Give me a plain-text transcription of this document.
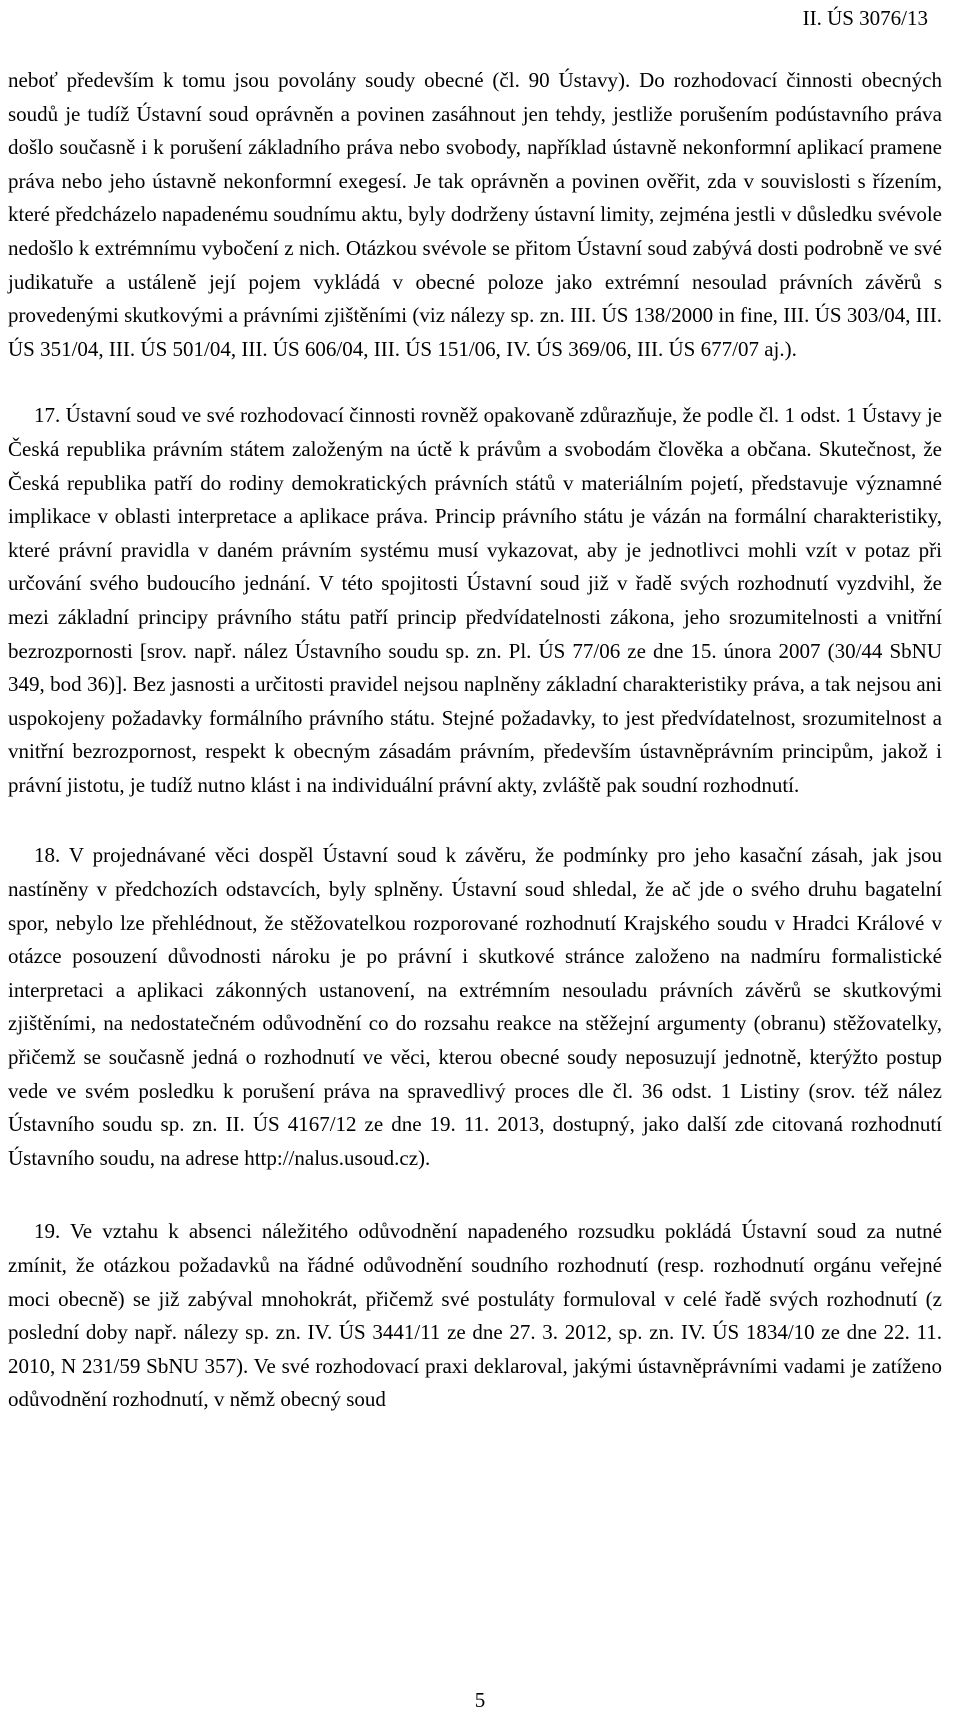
II. ÚS 3076/13

neboť především k tomu jsou povolány soudy obecné (čl. 90 Ústavy). Do rozhodovací činnosti obecných soudů je tudíž Ústavní soud oprávněn a povinen zasáhnout jen tehdy, jestliže porušením podústavního práva došlo současně i k porušení základního práva nebo svobody, například ústavně nekonformní aplikací pramene práva nebo jeho ústavně nekonformní exegesí. Je tak oprávněn a povinen ověřit, zda v souvislosti s řízením, které předcházelo napadenému soudnímu aktu, byly dodrženy ústavní limity, zejména jestli v důsledku svévole nedošlo k extrémnímu vybočení z nich. Otázkou svévole se přitom Ústavní soud zabývá dosti podrobně ve své judikatuře a ustáleně její pojem vykládá v obecné poloze jako extrémní nesoulad právních závěrů s provedenými skutkovými a právními zjištěními (viz nálezy sp. zn. III. ÚS 138/2000 in fine, III. ÚS 303/04, III. ÚS 351/04, III. ÚS 501/04, III. ÚS 606/04, III. ÚS 151/06, IV. ÚS 369/06, III. ÚS 677/07 aj.).

17. Ústavní soud ve své rozhodovací činnosti rovněž opakovaně zdůrazňuje, že podle čl. 1 odst. 1 Ústavy je Česká republika právním státem založeným na úctě k právům a svobodám člověka a občana. Skutečnost, že Česká republika patří do rodiny demokratických právních států v materiálním pojetí, představuje významné implikace v oblasti interpretace a aplikace práva. Princip právního státu je vázán na formální charakteristiky, které právní pravidla v daném právním systému musí vykazovat, aby je jednotlivci mohli vzít v potaz při určování svého budoucího jednání. V této spojitosti Ústavní soud již v řadě svých rozhodnutí vyzdvihl, že mezi základní principy právního státu patří princip předvídatelnosti zákona, jeho srozumitelnosti a vnitřní bezrozpornosti [srov. např. nález Ústavního soudu sp. zn. Pl. ÚS 77/06 ze dne 15. února 2007 (30/44 SbNU 349, bod 36)]. Bez jasnosti a určitosti pravidel nejsou naplněny základní charakteristiky práva, a tak nejsou ani uspokojeny požadavky formálního právního státu. Stejné požadavky, to jest předvídatelnost, srozumitelnost a vnitřní bezrozpornost, respekt k obecným zásadám právním, především ústavněprávním principům, jakož i právní jistotu, je tudíž nutno klást i na individuální právní akty, zvláště pak soudní rozhodnutí.

18. V projednávané věci dospěl Ústavní soud k závěru, že podmínky pro jeho kasační zásah, jak jsou nastíněny v předchozích odstavcích, byly splněny. Ústavní soud shledal, že ač jde o svého druhu bagatelní spor, nebylo lze přehlédnout, že stěžovatelkou rozporované rozhodnutí Krajského soudu v Hradci Králové v otázce posouzení důvodnosti nároku je po právní i skutkové stránce založeno na nadmíru formalistické interpretaci a aplikaci zákonných ustanovení, na extrémním nesouladu právních závěrů se skutkovými zjištěními, na nedostatečném odůvodnění co do rozsahu reakce na stěžejní argumenty (obranu) stěžovatelky, přičemž se současně jedná o rozhodnutí ve věci, kterou obecné soudy neposuzují jednotně, kterýžto postup vede ve svém posledku k porušení práva na spravedlivý proces dle čl. 36 odst. 1 Listiny (srov. též nález Ústavního soudu sp. zn. II. ÚS 4167/12 ze dne 19. 11. 2013, dostupný, jako další zde citovaná rozhodnutí Ústavního soudu, na adrese http://nalus.usoud.cz).

19. Ve vztahu k absenci náležitého odůvodnění napadeného rozsudku pokládá Ústavní soud za nutné zmínit, že otázkou požadavků na řádné odůvodnění soudního rozhodnutí (resp. rozhodnutí orgánu veřejné moci obecně) se již zabýval mnohokrát, přičemž své postuláty formuloval v celé řadě svých rozhodnutí (z poslední doby např. nálezy sp. zn. IV. ÚS 3441/11 ze dne 27. 3. 2012, sp. zn. IV. ÚS 1834/10 ze dne 22. 11. 2010, N 231/59 SbNU 357). Ve své rozhodovací praxi deklaroval, jakými ústavněprávními vadami je zatíženo odůvodnění rozhodnutí, v němž obecný soud

5
